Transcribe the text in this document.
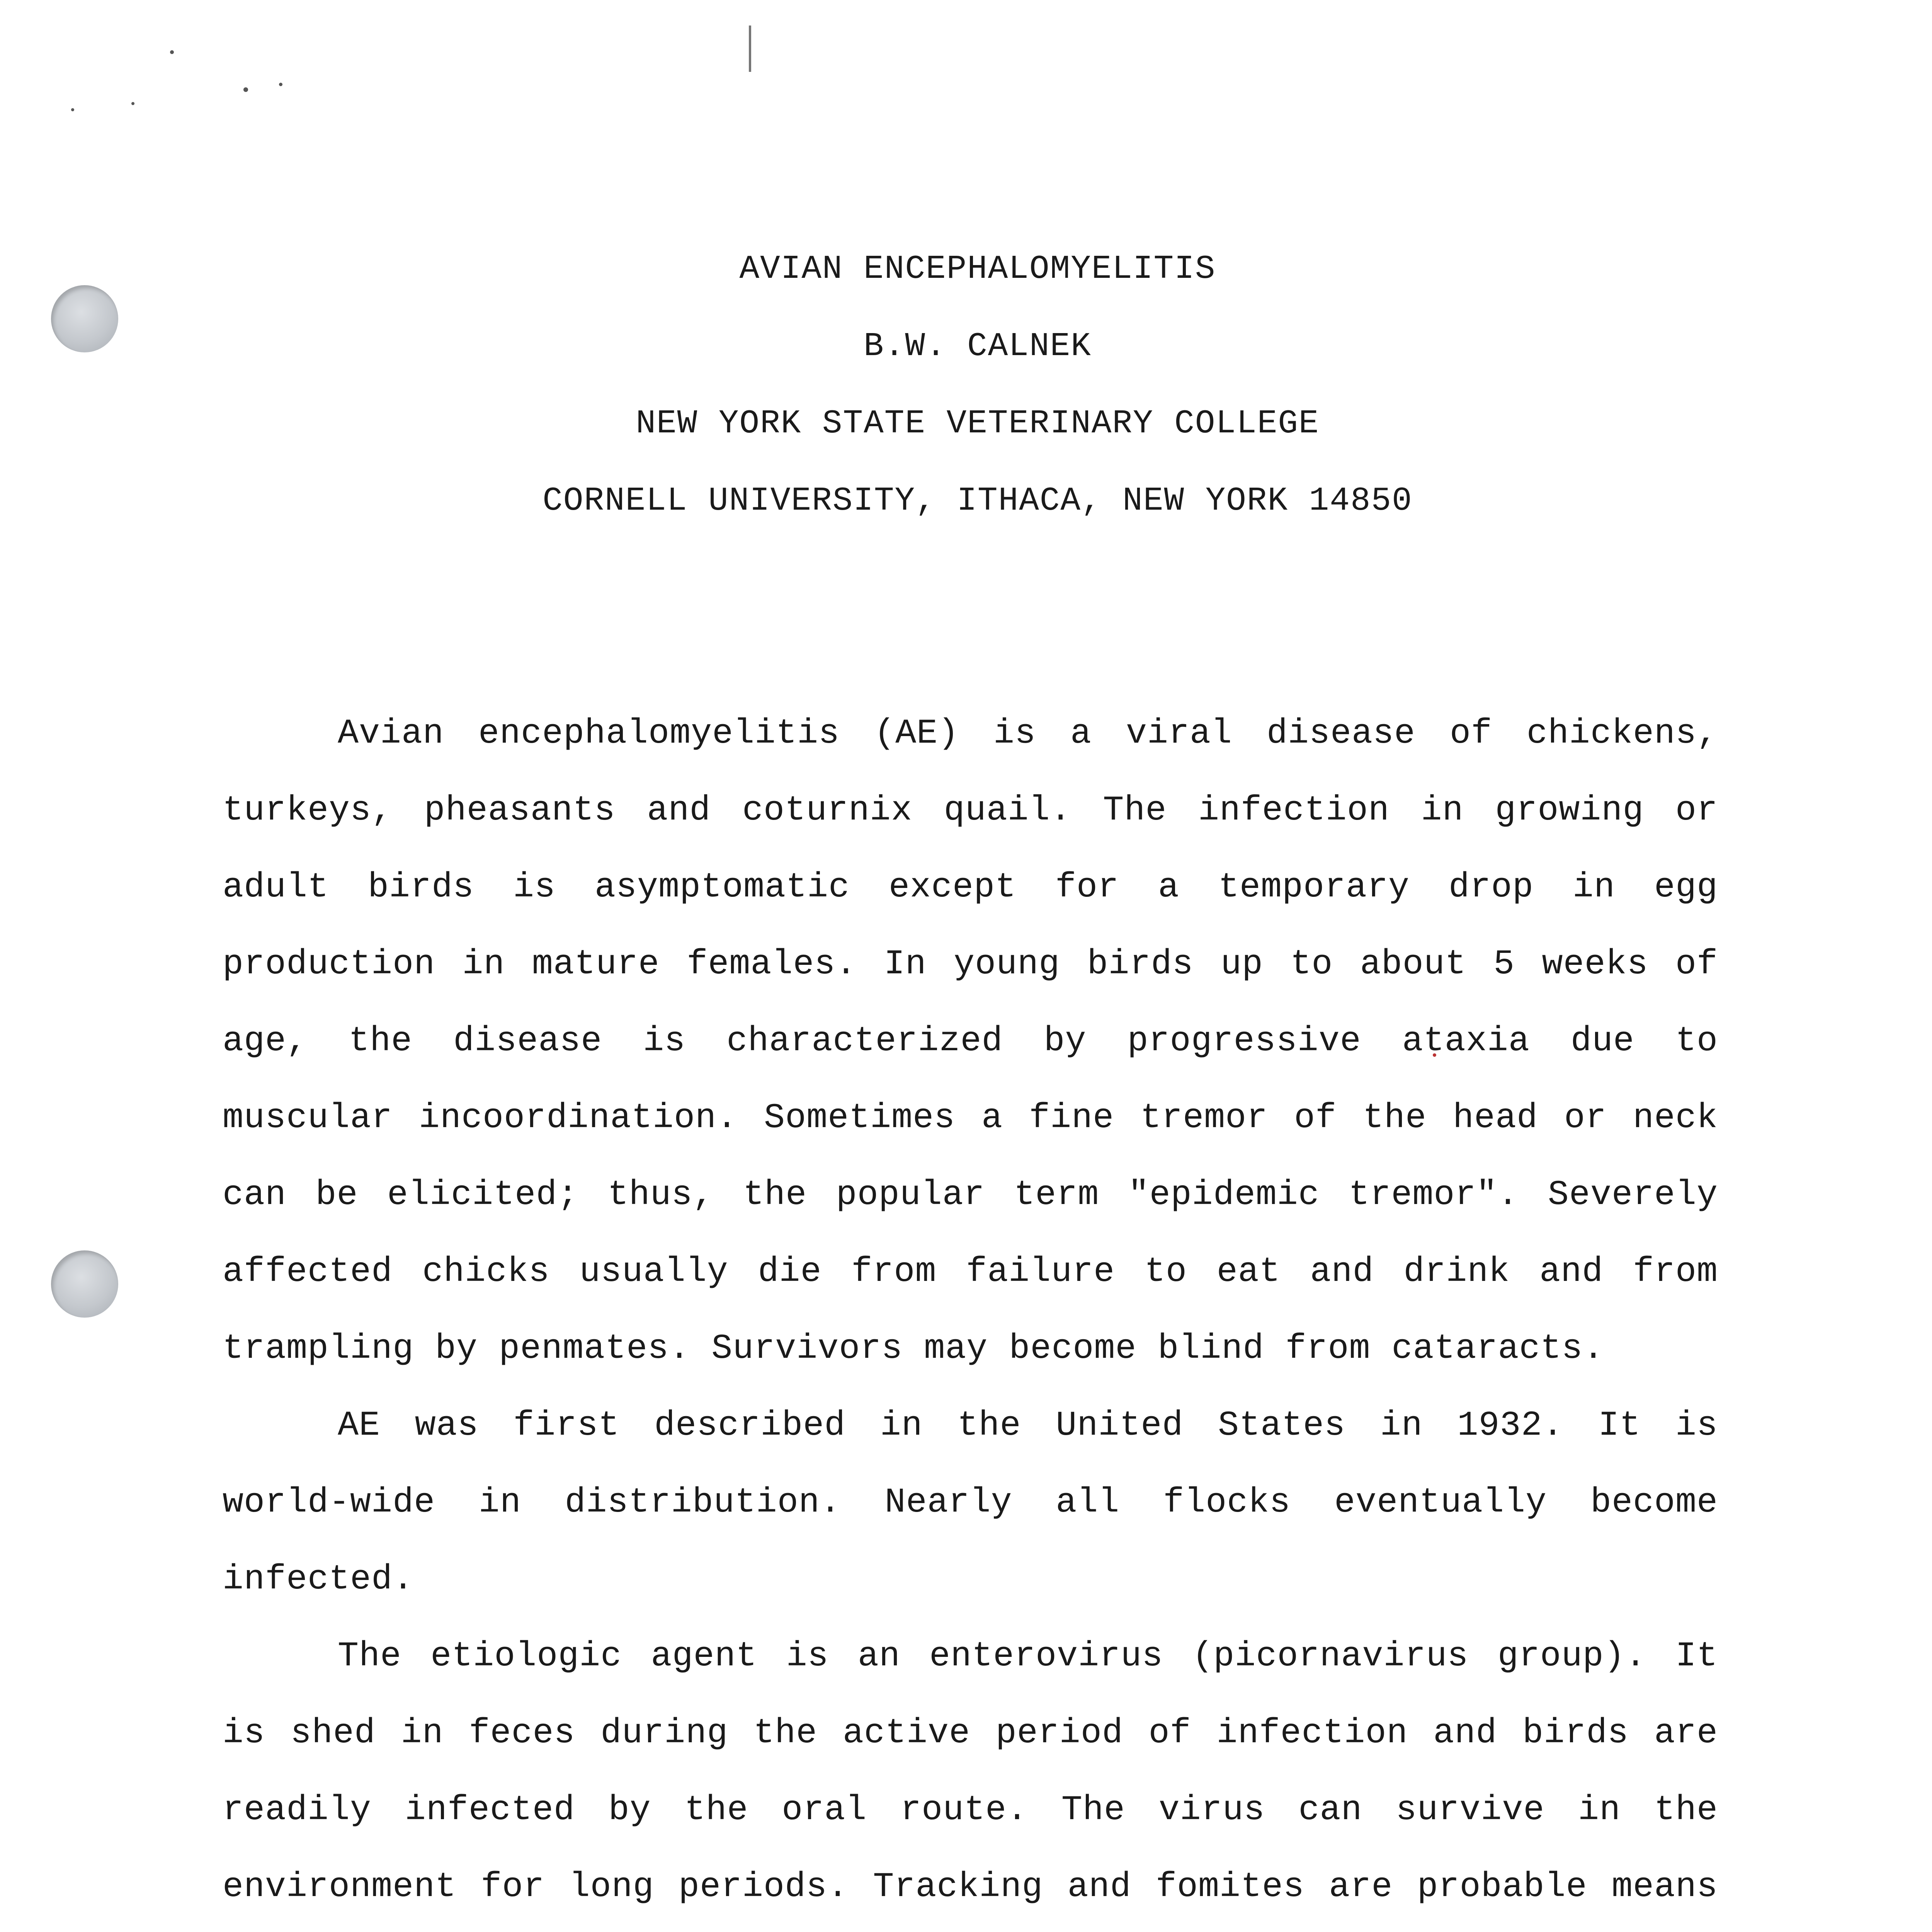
AVIAN ENCEPHALOMYELITIS
B.W. CALNEK
NEW YORK STATE VETERINARY COLLEGE
CORNELL UNIVERSITY, ITHACA, NEW YORK 14850

Avian encephalomyelitis (AE) is a viral disease of chickens, turkeys, pheasants and coturnix quail. The infection in growing or adult birds is asymptomatic except for a temporary drop in egg production in mature females. In young birds up to about 5 weeks of age, the disease is characterized by progressive ataxia due to muscular incoordination. Sometimes a fine tremor of the head or neck can be elicited; thus, the popular term "epidemic tremor". Severely affected chicks usually die from failure to eat and drink and from trampling by penmates. Survivors may become blind from cataracts.

AE was first described in the United States in 1932. It is world-wide in distribution. Nearly all flocks eventually become infected.

The etiologic agent is an enterovirus (picornavirus group). It is shed in feces during the active period of infection and birds are readily infected by the oral route. The virus can survive in the environment for long periods. Tracking and fomites are probable means
